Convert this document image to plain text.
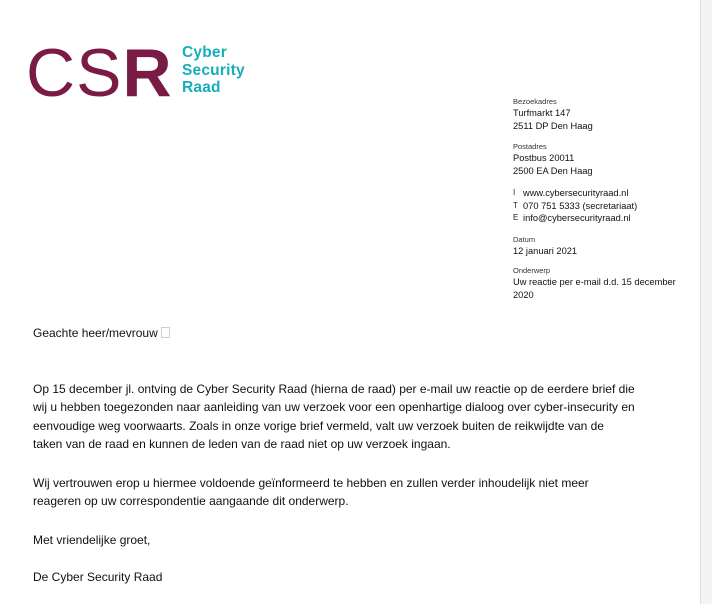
CSR Cyber
Security
Raad
Bezoekadres
Turfmarkt 147
2511 DP Den Haag
Postadres
Postbus 20011
2500 EA Den Haag
I www.cybersecurityraad.nl
T 070 751 5333 (secretariaat)
E info@cybersecurityraad.nl
Datum
12 januari 2021
Onderwerp
Uw reactie per e-mail d.d. 15 december
2020
Geachte heer/mevrouw
Op 15 december jl. ontving de Cyber Security Raad (hierna de raad) per e-mail uw reactie op de eerdere brief die
wij u hebben toegezonden naar aanleiding van uw verzoek voor een openhartige dialoog over cyber-insecurity en
eenvoudige weg voorwaarts. Zoals in onze vorige brief vermeld, valt uw verzoek buiten de reikwijdte van de
taken van de raad en kunnen de leden van de raad niet op uw verzoek ingaan.
Wij vertrouwen erop u hiermee voldoende geïnformeerd te hebben en zullen verder inhoudelijk niet meer
reageren op uw correspondentie aangaande dit onderwerp.
Met vriendelijke groet,
De Cyber Security Raad
